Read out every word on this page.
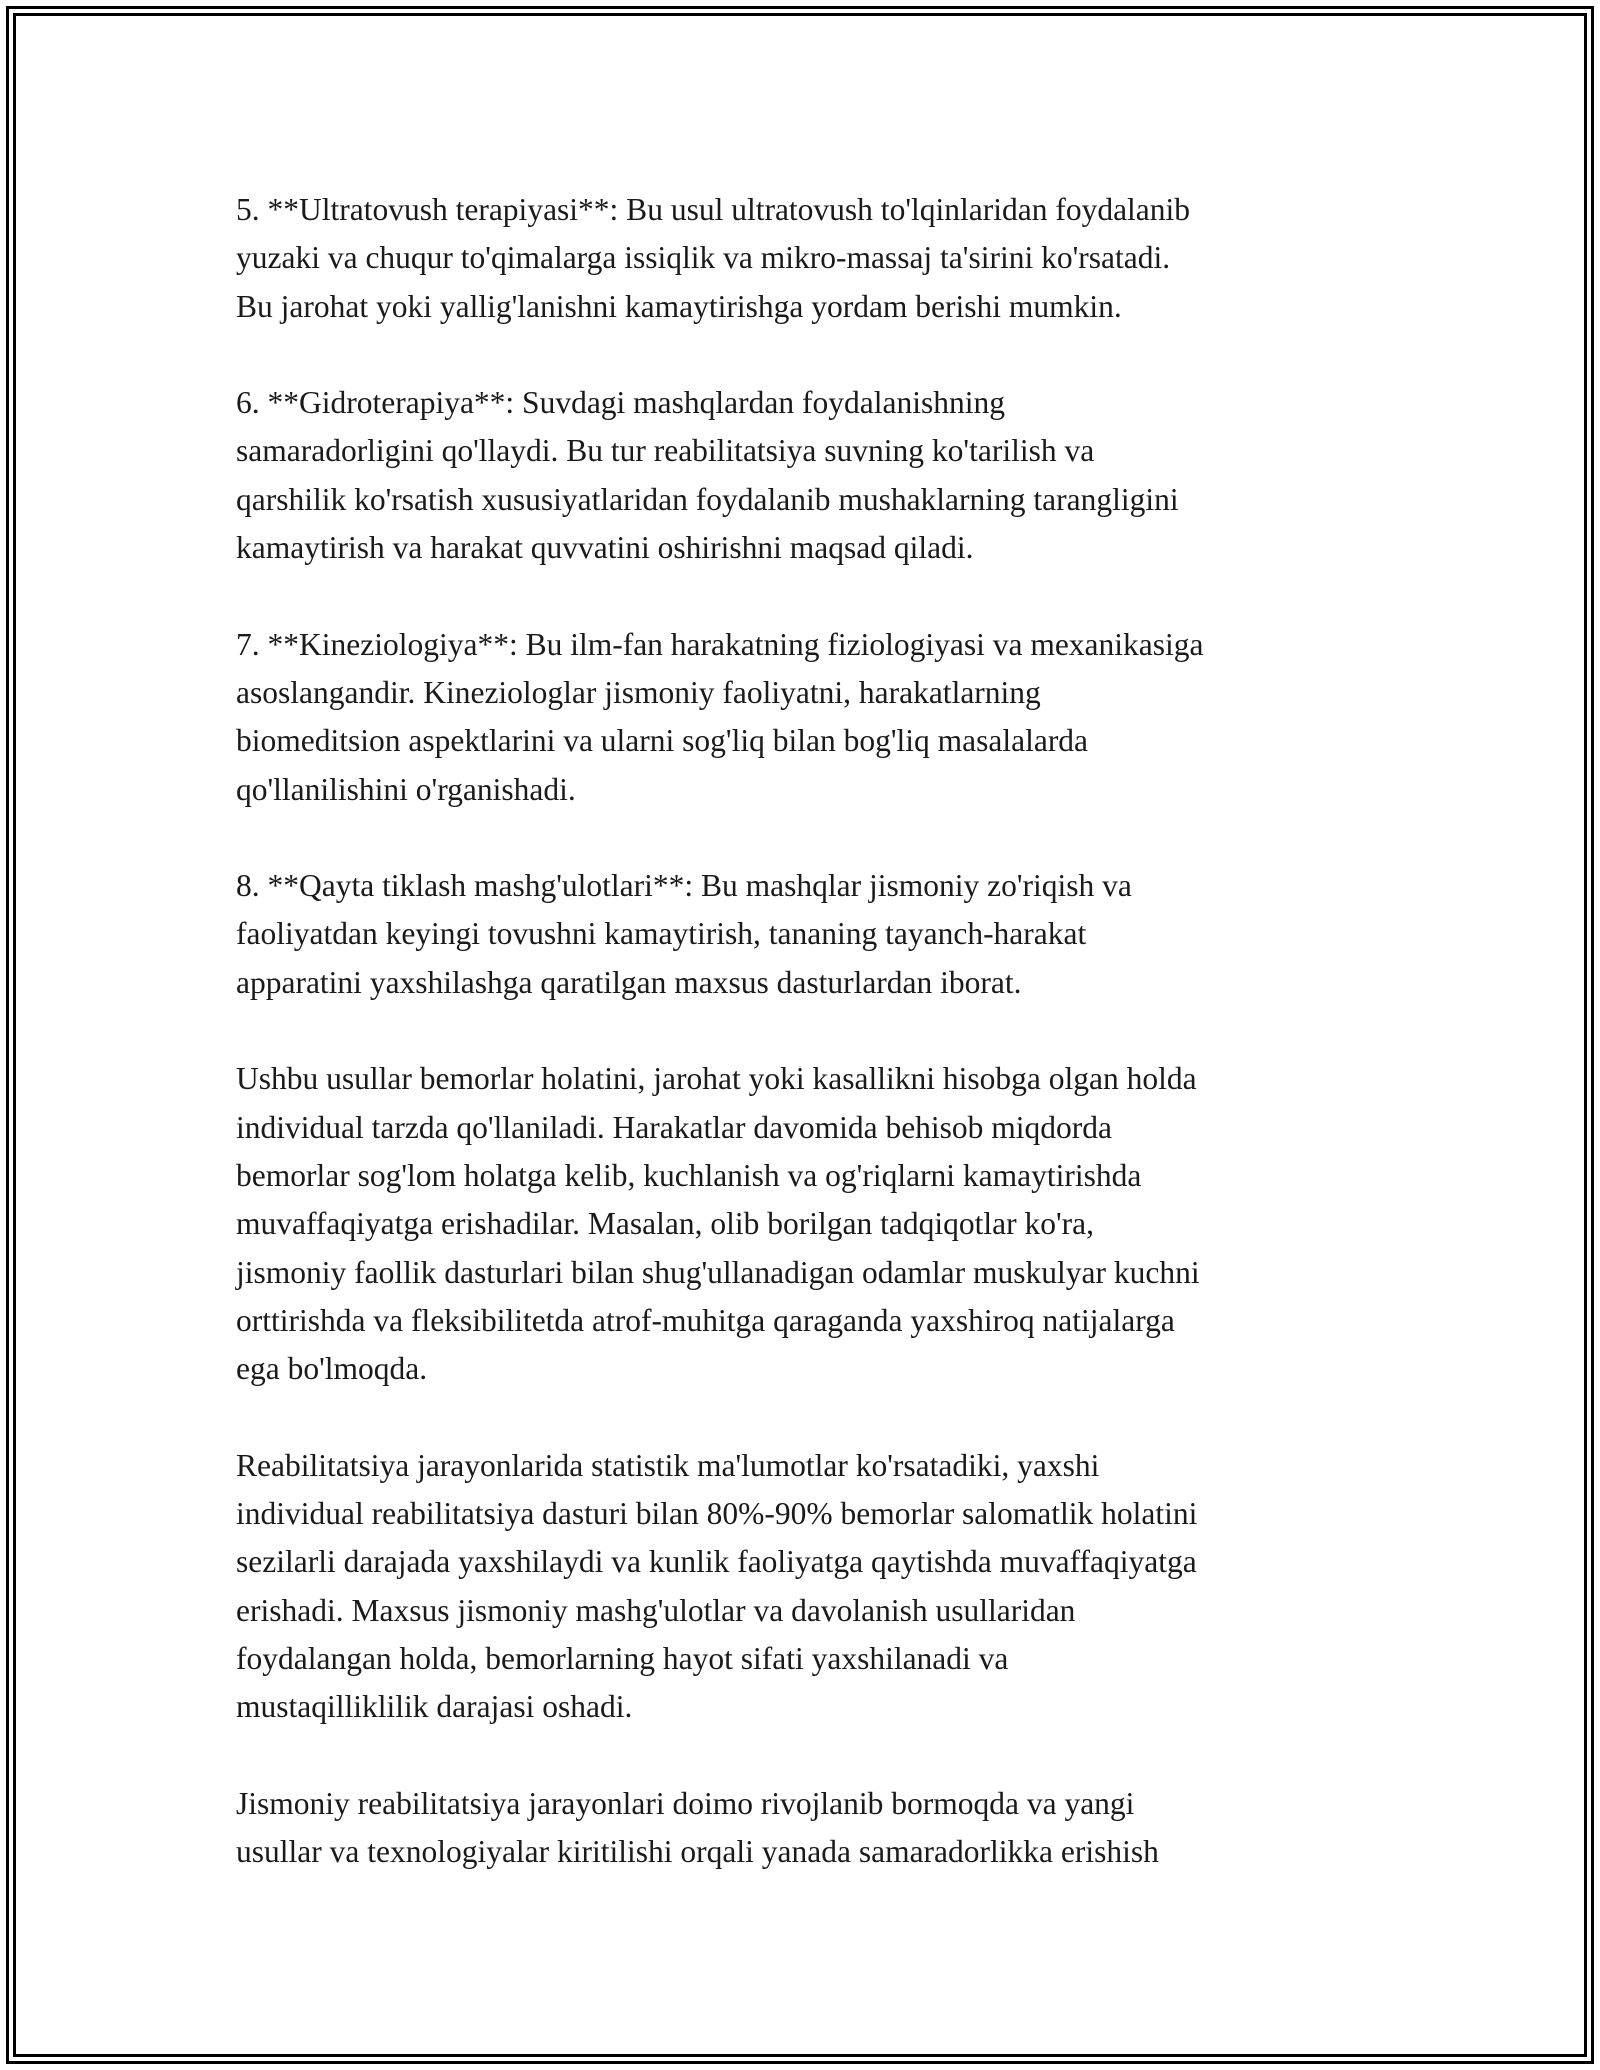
5. **Ultratovush terapiyasi**: Bu usul ultratovush to'lqinlaridan foydalanib
yuzaki va chuqur to'qimalarga issiqlik va mikro-massaj ta'sirini ko'rsatadi.
Bu jarohat yoki yallig'lanishni kamaytirishga yordam berishi mumkin.

6. **Gidroterapiya**: Suvdagi mashqlardan foydalanishning
samaradorligini qo'llaydi. Bu tur reabilitatsiya suvning ko'tarilish va
qarshilik ko'rsatish xususiyatlaridan foydalanib mushaklarning tarangligini
kamaytirish va harakat quvvatini oshirishni maqsad qiladi.

7. **Kineziologiya**: Bu ilm-fan harakatning fiziologiyasi va mexanikasiga
asoslangandir. Kineziologlar jismoniy faoliyatni, harakatlarning
biomeditsion aspektlarini va ularni sog'liq bilan bog'liq masalalarda
qo'llanilishini o'rganishadi.

8. **Qayta tiklash mashg'ulotlari**: Bu mashqlar jismoniy zo'riqish va
faoliyatdan keyingi tovushni kamaytirish, tananing tayanch-harakat
apparatini yaxshilashga qaratilgan maxsus dasturlardan iborat.

Ushbu usullar bemorlar holatini, jarohat yoki kasallikni hisobga olgan holda
individual tarzda qo'llaniladi. Harakatlar davomida behisob miqdorda
bemorlar sog'lom holatga kelib, kuchlanish va og'riqlarni kamaytirishda
muvaffaqiyatga erishadilar. Masalan, olib borilgan tadqiqotlar ko'ra,
jismoniy faollik dasturlari bilan shug'ullanadigan odamlar muskulyar kuchni
orttirishda va fleksibilitetda atrof-muhitga qaraganda yaxshiroq natijalarga
ega bo'lmoqda.

Reabilitatsiya jarayonlarida statistik ma'lumotlar ko'rsatadiki, yaxshi
individual reabilitatsiya dasturi bilan 80%-90% bemorlar salomatlik holatini
sezilarli darajada yaxshilaydi va kunlik faoliyatga qaytishda muvaffaqiyatga
erishadi. Maxsus jismoniy mashg'ulotlar va davolanish usullaridan
foydalangan holda, bemorlarning hayot sifati yaxshilanadi va
mustaqilliklilik darajasi oshadi.

Jismoniy reabilitatsiya jarayonlari doimo rivojlanib bormoqda va yangi
usullar va texnologiyalar kiritilishi orqali yanada samaradorlikka erishish
